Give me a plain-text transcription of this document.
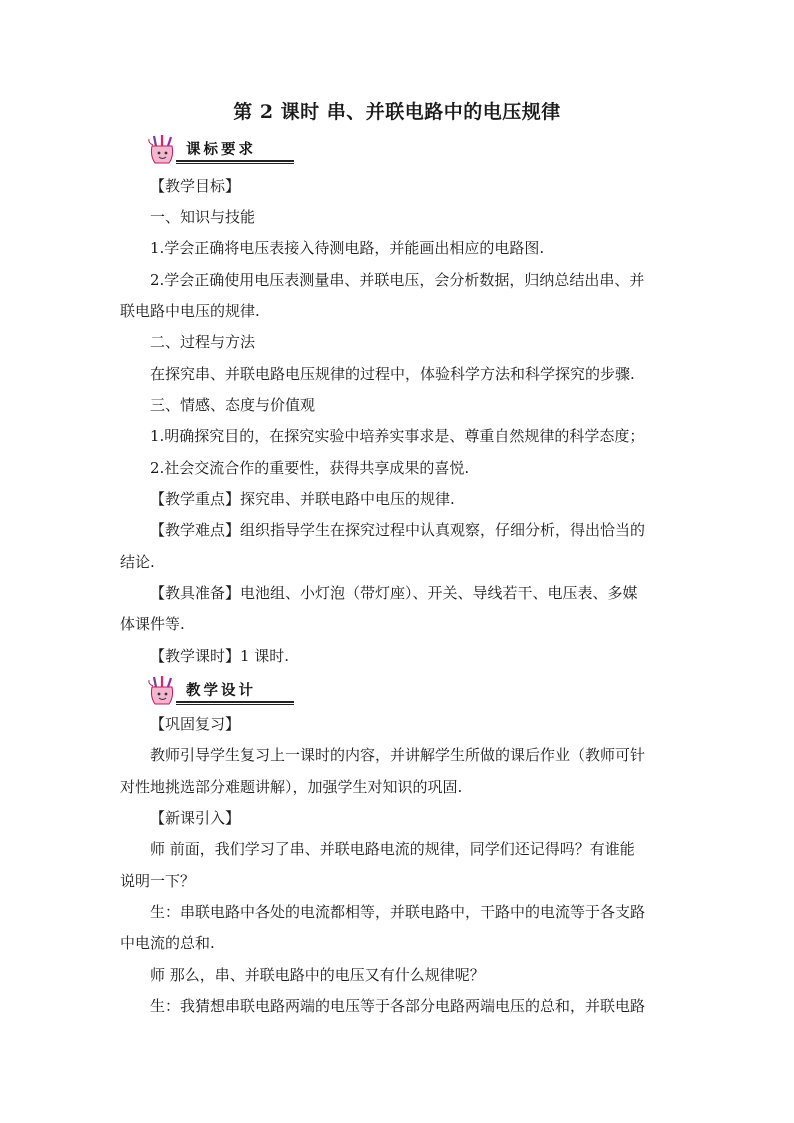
第 2 课时 串、并联电路中的电压规律
课标要求
【教学目标】
一、知识与技能
1.学会正确将电压表接入待测电路，并能画出相应的电路图.
2.学会正确使用电压表测量串、并联电压，会分析数据，归纳总结出串、并
联电路中电压的规律.
二、过程与方法
在探究串、并联电路电压规律的过程中，体验科学方法和科学探究的步骤.
三、情感、态度与价值观
1.明确探究目的，在探究实验中培养实事求是、尊重自然规律的科学态度；
2.社会交流合作的重要性，获得共享成果的喜悦.
【教学重点】探究串、并联电路中电压的规律.
【教学难点】组织指导学生在探究过程中认真观察，仔细分析，得出恰当的
结论.
【教具准备】电池组、小灯泡（带灯座）、开关、导线若干、电压表、多媒
体课件等.
【教学课时】1 课时.
教学设计
【巩固复习】
教师引导学生复习上一课时的内容，并讲解学生所做的课后作业（教师可针
对性地挑选部分难题讲解），加强学生对知识的巩固.
【新课引入】
师 前面，我们学习了串、并联电路电流的规律，同学们还记得吗？有谁能
说明一下？
生：串联电路中各处的电流都相等，并联电路中，干路中的电流等于各支路
中电流的总和.
师 那么，串、并联电路中的电压又有什么规律呢？
生：我猜想串联电路两端的电压等于各部分电路两端电压的总和，并联电路
